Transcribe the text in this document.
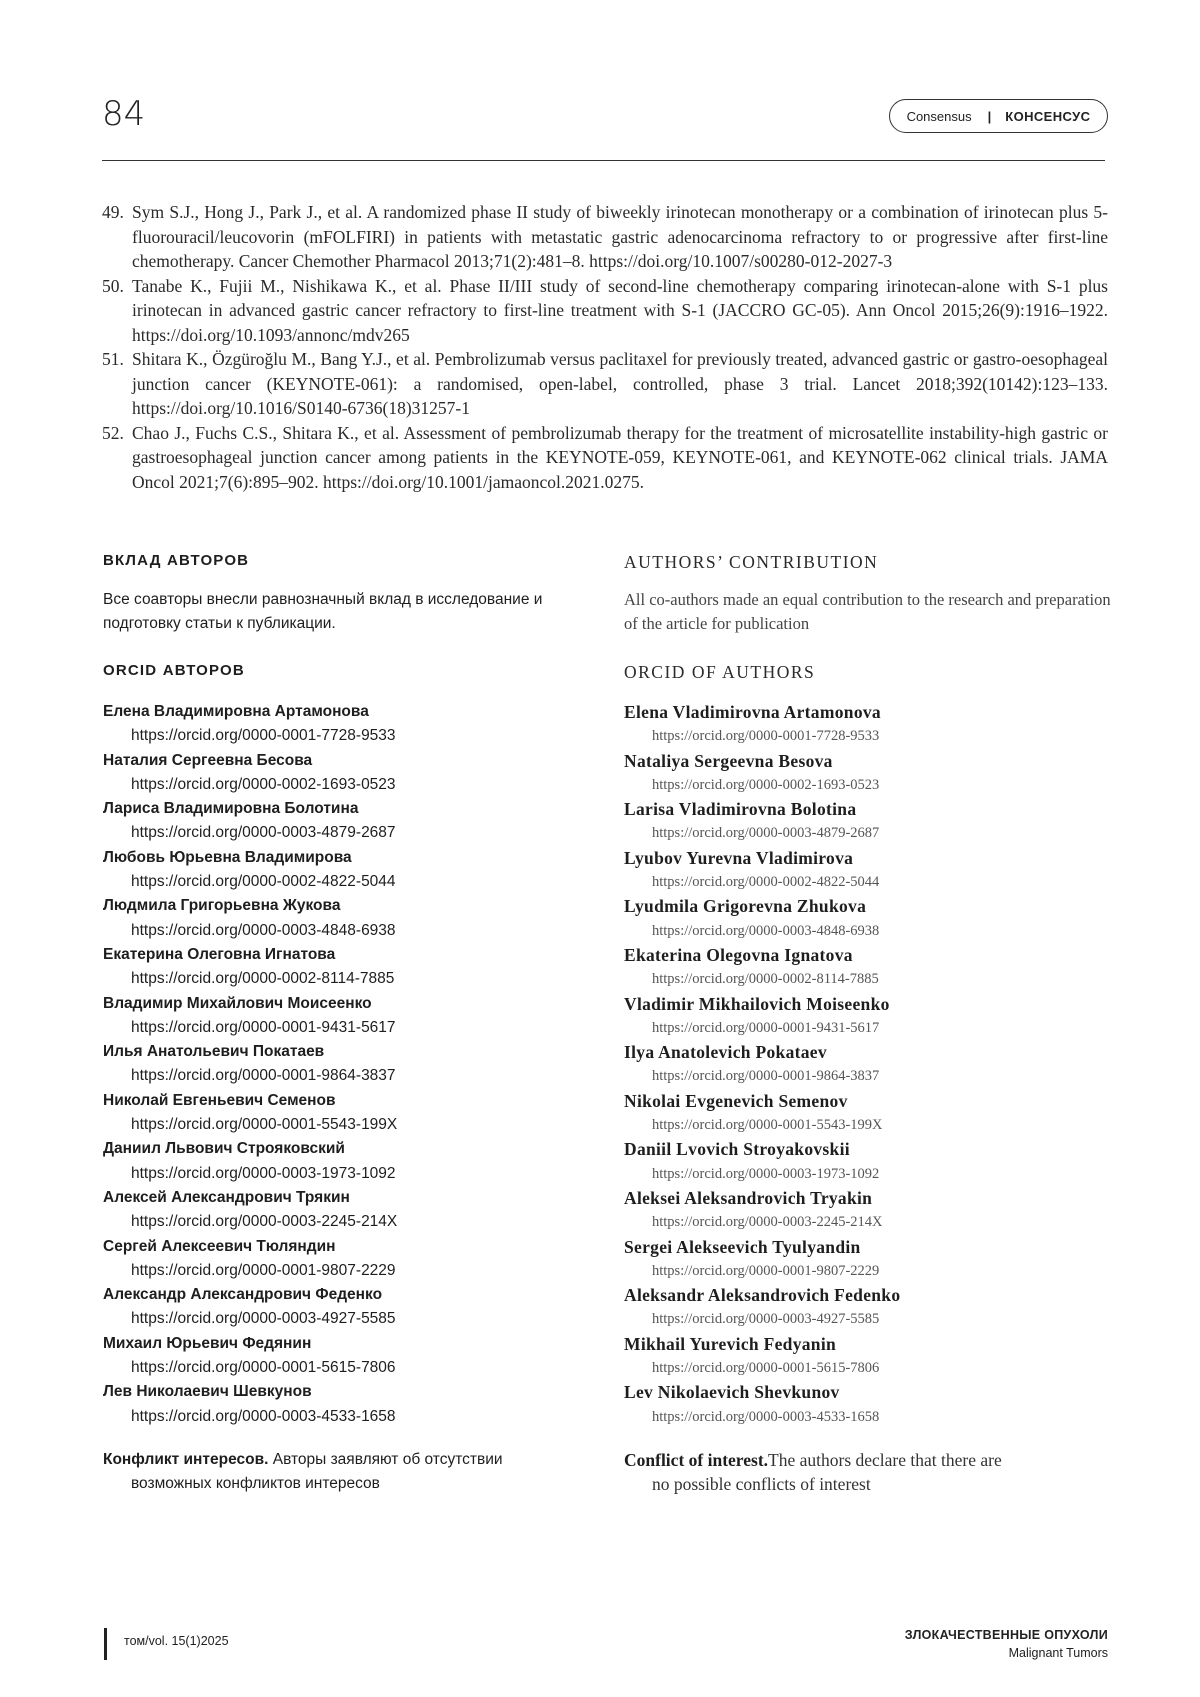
84	Consensus | КОНСЕНСУС
49. Sym S.J., Hong J., Park J., et al. A randomized phase II study of biweekly irinotecan monotherapy or a combination of irinotecan plus 5-fluorouracil/leucovorin (mFOLFIRI) in patients with metastatic gastric adenocarcinoma refractory to or progressive after first-line chemotherapy. Cancer Chemother Pharmacol 2013;71(2):481–8. https://doi.org/10.1007/s00280-012-2027-3
50. Tanabe K., Fujii M., Nishikawa K., et al. Phase II/III study of second-line chemotherapy comparing irinotecan-alone with S-1 plus irinotecan in advanced gastric cancer refractory to first-line treatment with S-1 (JACCRO GC-05). Ann Oncol 2015;26(9):1916–1922. https://doi.org/10.1093/annonc/mdv265
51. Shitara K., Özgüroğlu M., Bang Y.J., et al. Pembrolizumab versus paclitaxel for previously treated, advanced gastric or gastro-oesophageal junction cancer (KEYNOTE-061): a randomised, open-label, controlled, phase 3 trial. Lancet 2018;392(10142):123–133. https://doi.org/10.1016/S0140-6736(18)31257-1
52. Chao J., Fuchs C.S., Shitara K., et al. Assessment of pembrolizumab therapy for the treatment of microsatellite instability-high gastric or gastroesophageal junction cancer among patients in the KEYNOTE-059, KEYNOTE-061, and KEYNOTE-062 clinical trials. JAMA Oncol 2021;7(6):895–902. https://doi.org/10.1001/jamaoncol.2021.0275.
ВКЛАД АВТОРОВ

Все соавторы внесли равнозначный вклад в исследование и подготовку статьи к публикации.

ORCID АВТОРОВ
Елена Владимировна Артамонова
https://orcid.org/0000-0001-7728-9533
Наталия Сергеевна Бесова
https://orcid.org/0000-0002-1693-0523
Лариса Владимировна Болотина
https://orcid.org/0000-0003-4879-2687
Любовь Юрьевна Владимирова
https://orcid.org/0000-0002-4822-5044
Людмила Григорьевна Жукова
https://orcid.org/0000-0003-4848-6938
Екатерина Олеговна Игнатова
https://orcid.org/0000-0002-8114-7885
Владимир Михайлович Моисеенко
https://orcid.org/0000-0001-9431-5617
Илья Анатольевич Покатаев
https://orcid.org/0000-0001-9864-3837
Николай Евгеньевич Семенов
https://orcid.org/0000-0001-5543-199X
Даниил Львович Строяковский
https://orcid.org/0000-0003-1973-1092
Алексей Александрович Трякин
https://orcid.org/0000-0003-2245-214X
Сергей Алексеевич Тюляндин
https://orcid.org/0000-0001-9807-2229
Александр Александрович Феденко
https://orcid.org/0000-0003-4927-5585
Михаил Юрьевич Федянин
https://orcid.org/0000-0001-5615-7806
Лев Николаевич Шевкунов
https://orcid.org/0000-0003-4533-1658
Конфликт интересов. Авторы заявляют об отсутствии
возможных конфликтов интересов
AUTHORS’ CONTRIBUTION

All co-authors made an equal contribution to the research and preparation of the article for publication

ORCID OF AUTHORS
Elena Vladimirovna Artamonova
https://orcid.org/0000-0001-7728-9533
Nataliya Sergeevna Besova
https://orcid.org/0000-0002-1693-0523
Larisa Vladimirovna Bolotina
https://orcid.org/0000-0003-4879-2687
Lyubov Yurevna Vladimirova
https://orcid.org/0000-0002-4822-5044
Lyudmila Grigorevna Zhukova
https://orcid.org/0000-0003-4848-6938
Ekaterina Olegovna Ignatova
https://orcid.org/0000-0002-8114-7885
Vladimir Mikhailovich Moiseenko
https://orcid.org/0000-0001-9431-5617
Ilya Anatolevich Pokataev
https://orcid.org/0000-0001-9864-3837
Nikolai Evgenevich Semenov
https://orcid.org/0000-0001-5543-199X
Daniil Lvovich Stroyakovskii
https://orcid.org/0000-0003-1973-1092
Aleksei Aleksandrovich Tryakin
https://orcid.org/0000-0003-2245-214X
Sergei Alekseevich Tyulyandin
https://orcid.org/0000-0001-9807-2229
Aleksandr Aleksandrovich Fedenko
https://orcid.org/0000-0003-4927-5585
Mikhail Yurevich Fedyanin
https://orcid.org/0000-0001-5615-7806
Lev Nikolaevich Shevkunov
https://orcid.org/0000-0003-4533-1658
Conflict of interest.The authors declare that there are
no possible conflicts of interest
том/vol. 15(1)2025	ЗЛОКАЧЕСТВЕННЫЕ ОПУХОЛИ
Malignant Tumors
